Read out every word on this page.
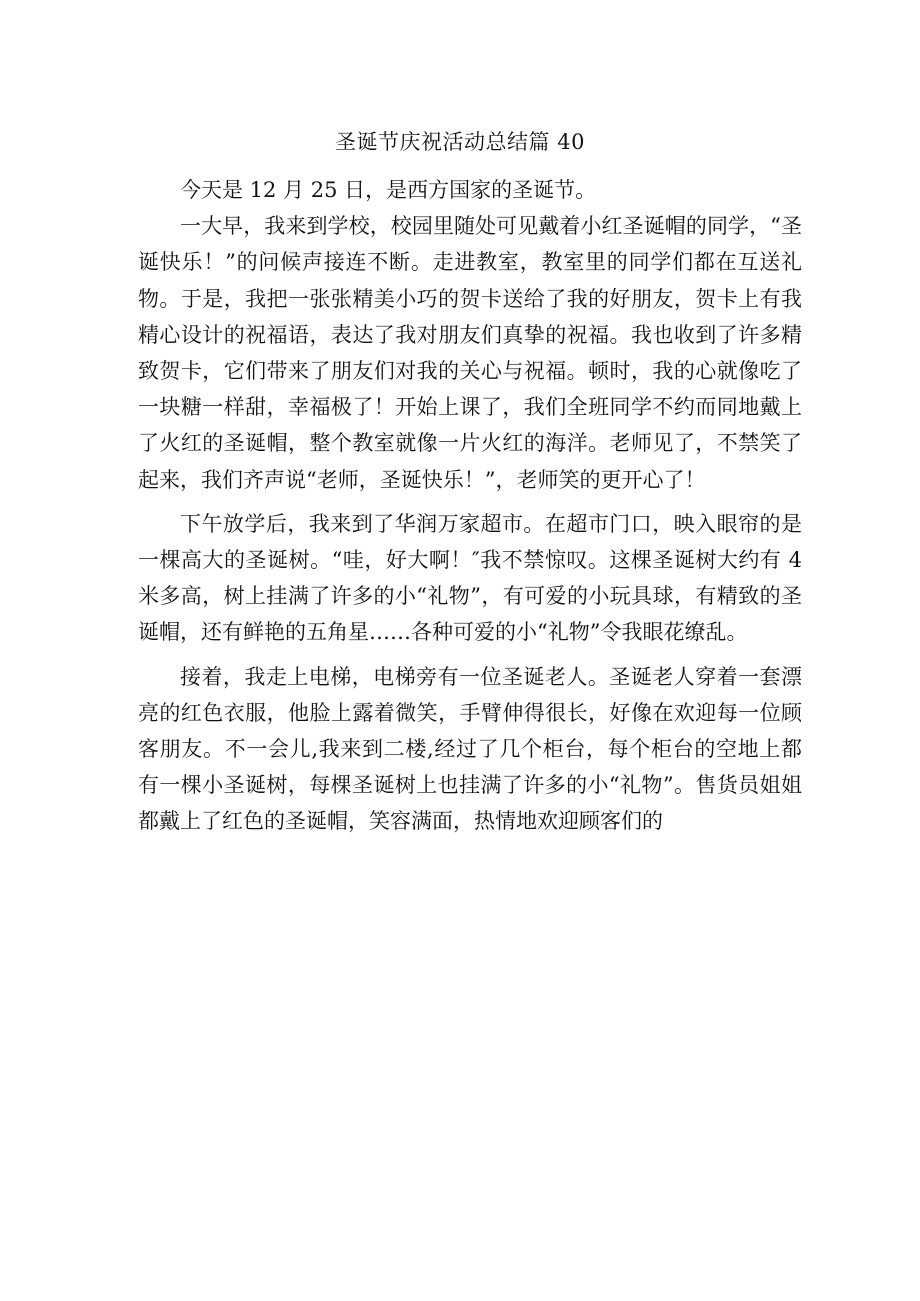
圣诞节庆祝活动总结篇 40

今天是 12 月 25 日，是西方国家的圣诞节。

一大早，我来到学校，校园里随处可见戴着小红圣诞帽的同学，“圣诞快乐！”的问候声接连不断。走进教室，教室里的同学们都在互送礼物。于是，我把一张张精美小巧的贺卡送给了我的好朋友，贺卡上有我精心设计的祝福语，表达了我对朋友们真挚的祝福。我也收到了许多精致贺卡，它们带来了朋友们对我的关心与祝福。顿时，我的心就像吃了一块糖一样甜，幸福极了！开始上课了，我们全班同学不约而同地戴上了火红的圣诞帽，整个教室就像一片火红的海洋。老师见了，不禁笑了起来，我们齐声说“老师，圣诞快乐！”，老师笑的更开心了！

下午放学后，我来到了华润万家超市。在超市门口，映入眼帘的是一棵高大的圣诞树。“哇，好大啊！″我不禁惊叹。这棵圣诞树大约有 4 米多高，树上挂满了许多的小“礼物”，有可爱的小玩具球，有精致的圣诞帽，还有鲜艳的五角星……各种可爱的小“礼物”令我眼花缭乱。

接着，我走上电梯，电梯旁有一位圣诞老人。圣诞老人穿着一套漂亮的红色衣服，他脸上露着微笑，手臂伸得很长，好像在欢迎每一位顾客朋友。不一会儿,我来到二楼,经过了几个柜台，每个柜台的空地上都有一棵小圣诞树，每棵圣诞树上也挂满了许多的小“礼物”。售货员姐姐都戴上了红色的圣诞帽，笑容满面，热情地欢迎顾客们的
